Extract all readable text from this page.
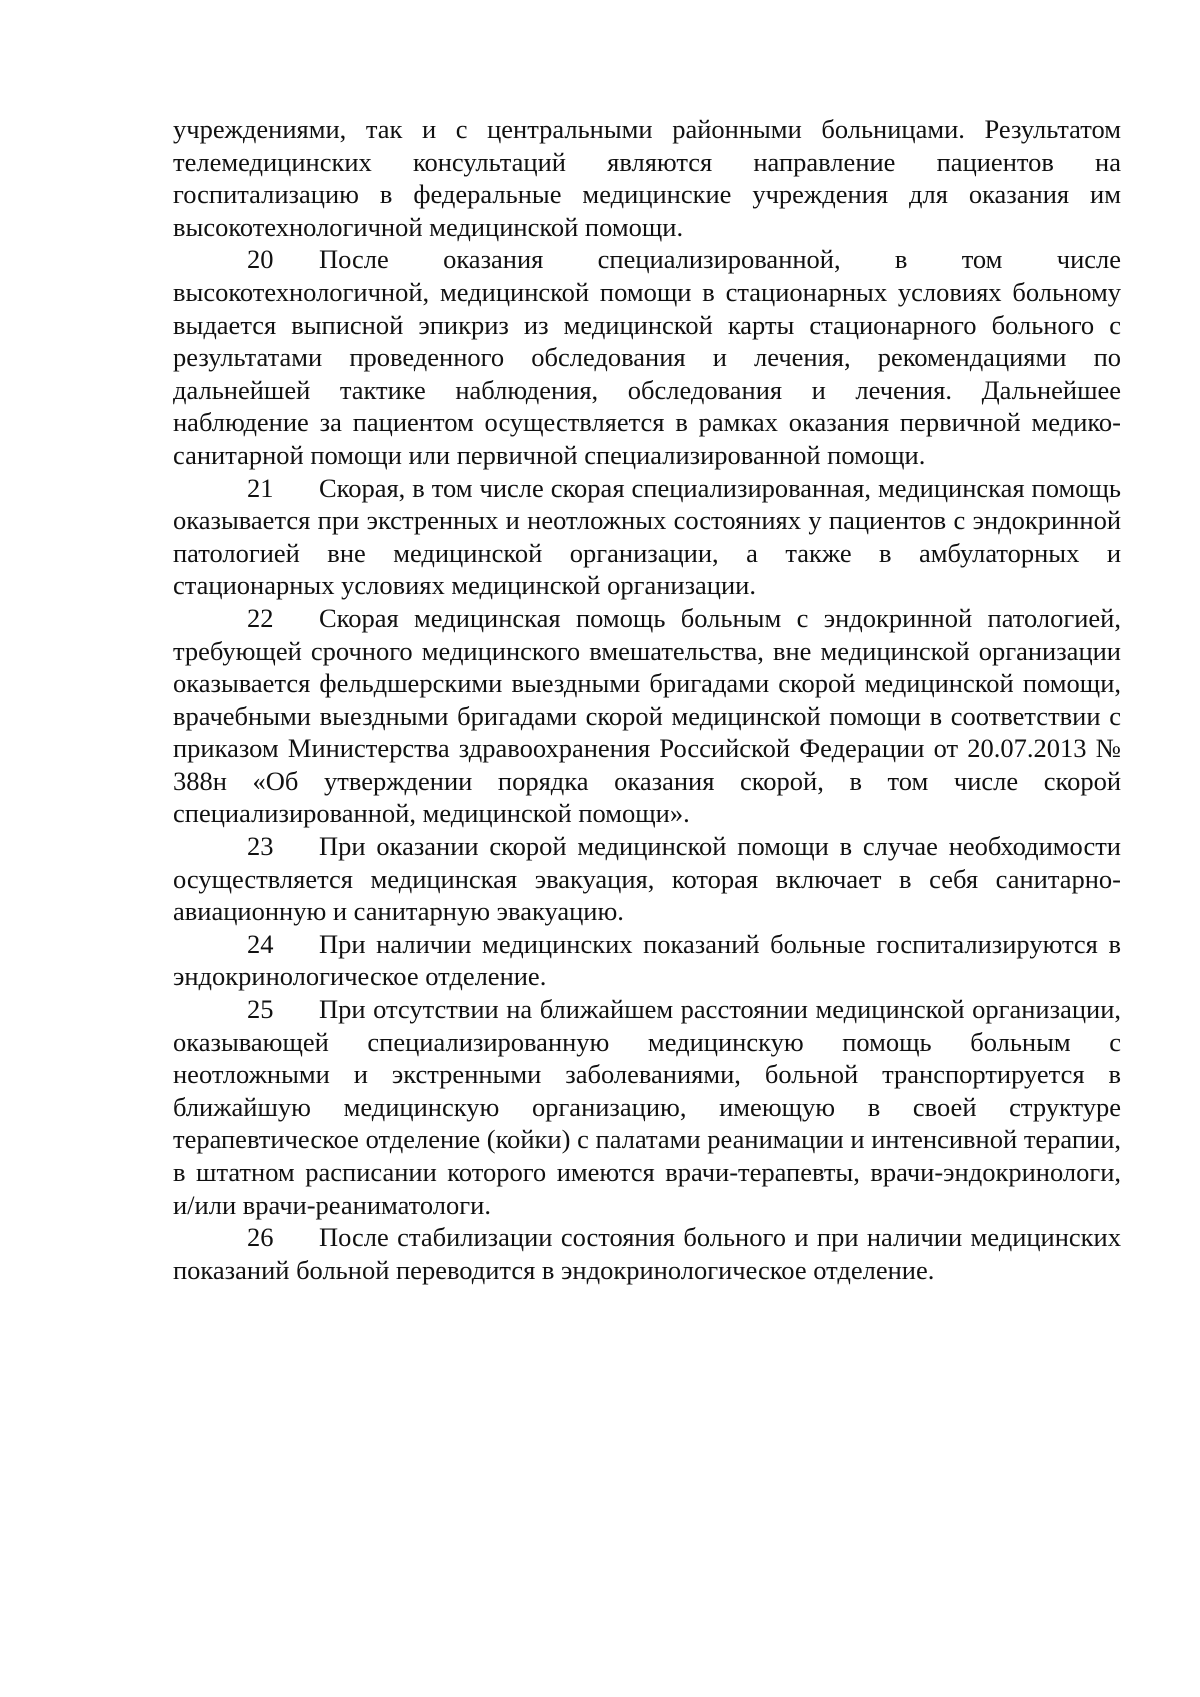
учреждениями, так и с центральными районными больницами. Результатом телемедицинских консультаций являются направление пациентов на госпитализацию в федеральные медицинские учреждения для оказания им высокотехнологичной медицинской помощи.

20 После оказания специализированной, в том числе высокотехнологичной, медицинской помощи в стационарных условиях больному выдается выписной эпикриз из медицинской карты стационарного больного с результатами проведенного обследования и лечения, рекомендациями по дальнейшей тактике наблюдения, обследования и лечения. Дальнейшее наблюдение за пациентом осуществляется в рамках оказания первичной медико-санитарной помощи или первичной специализированной помощи.

21 Скорая, в том числе скорая специализированная, медицинская помощь оказывается при экстренных и неотложных состояниях у пациентов с эндокринной патологией вне медицинской организации, а также в амбулаторных и стационарных условиях медицинской организации.

22 Скорая медицинская помощь больным с эндокринной патологией, требующей срочного медицинского вмешательства, вне медицинской организации оказывается фельдшерскими выездными бригадами скорой медицинской помощи, врачебными выездными бригадами скорой медицинской помощи в соответствии с приказом Министерства здравоохранения Российской Федерации от 20.07.2013 № 388н «Об утверждении порядка оказания скорой, в том числе скорой специализированной, медицинской помощи».

23 При оказании скорой медицинской помощи в случае необходимости осуществляется медицинская эвакуация, которая включает в себя санитарно-авиационную и санитарную эвакуацию.

24 При наличии медицинских показаний больные госпитализируются в эндокринологическое отделение.

25 При отсутствии на ближайшем расстоянии медицинской организации, оказывающей специализированную медицинскую помощь больным с неотложными и экстренными заболеваниями, больной транспортируется в ближайшую медицинскую организацию, имеющую в своей структуре терапевтическое отделение (койки) с палатами реанимации и интенсивной терапии, в штатном расписании которого имеются врачи-терапевты, врачи-эндокринологи, и/или врачи-реаниматологи.

26 После стабилизации состояния больного и при наличии медицинских показаний больной переводится в эндокринологическое отделение.
